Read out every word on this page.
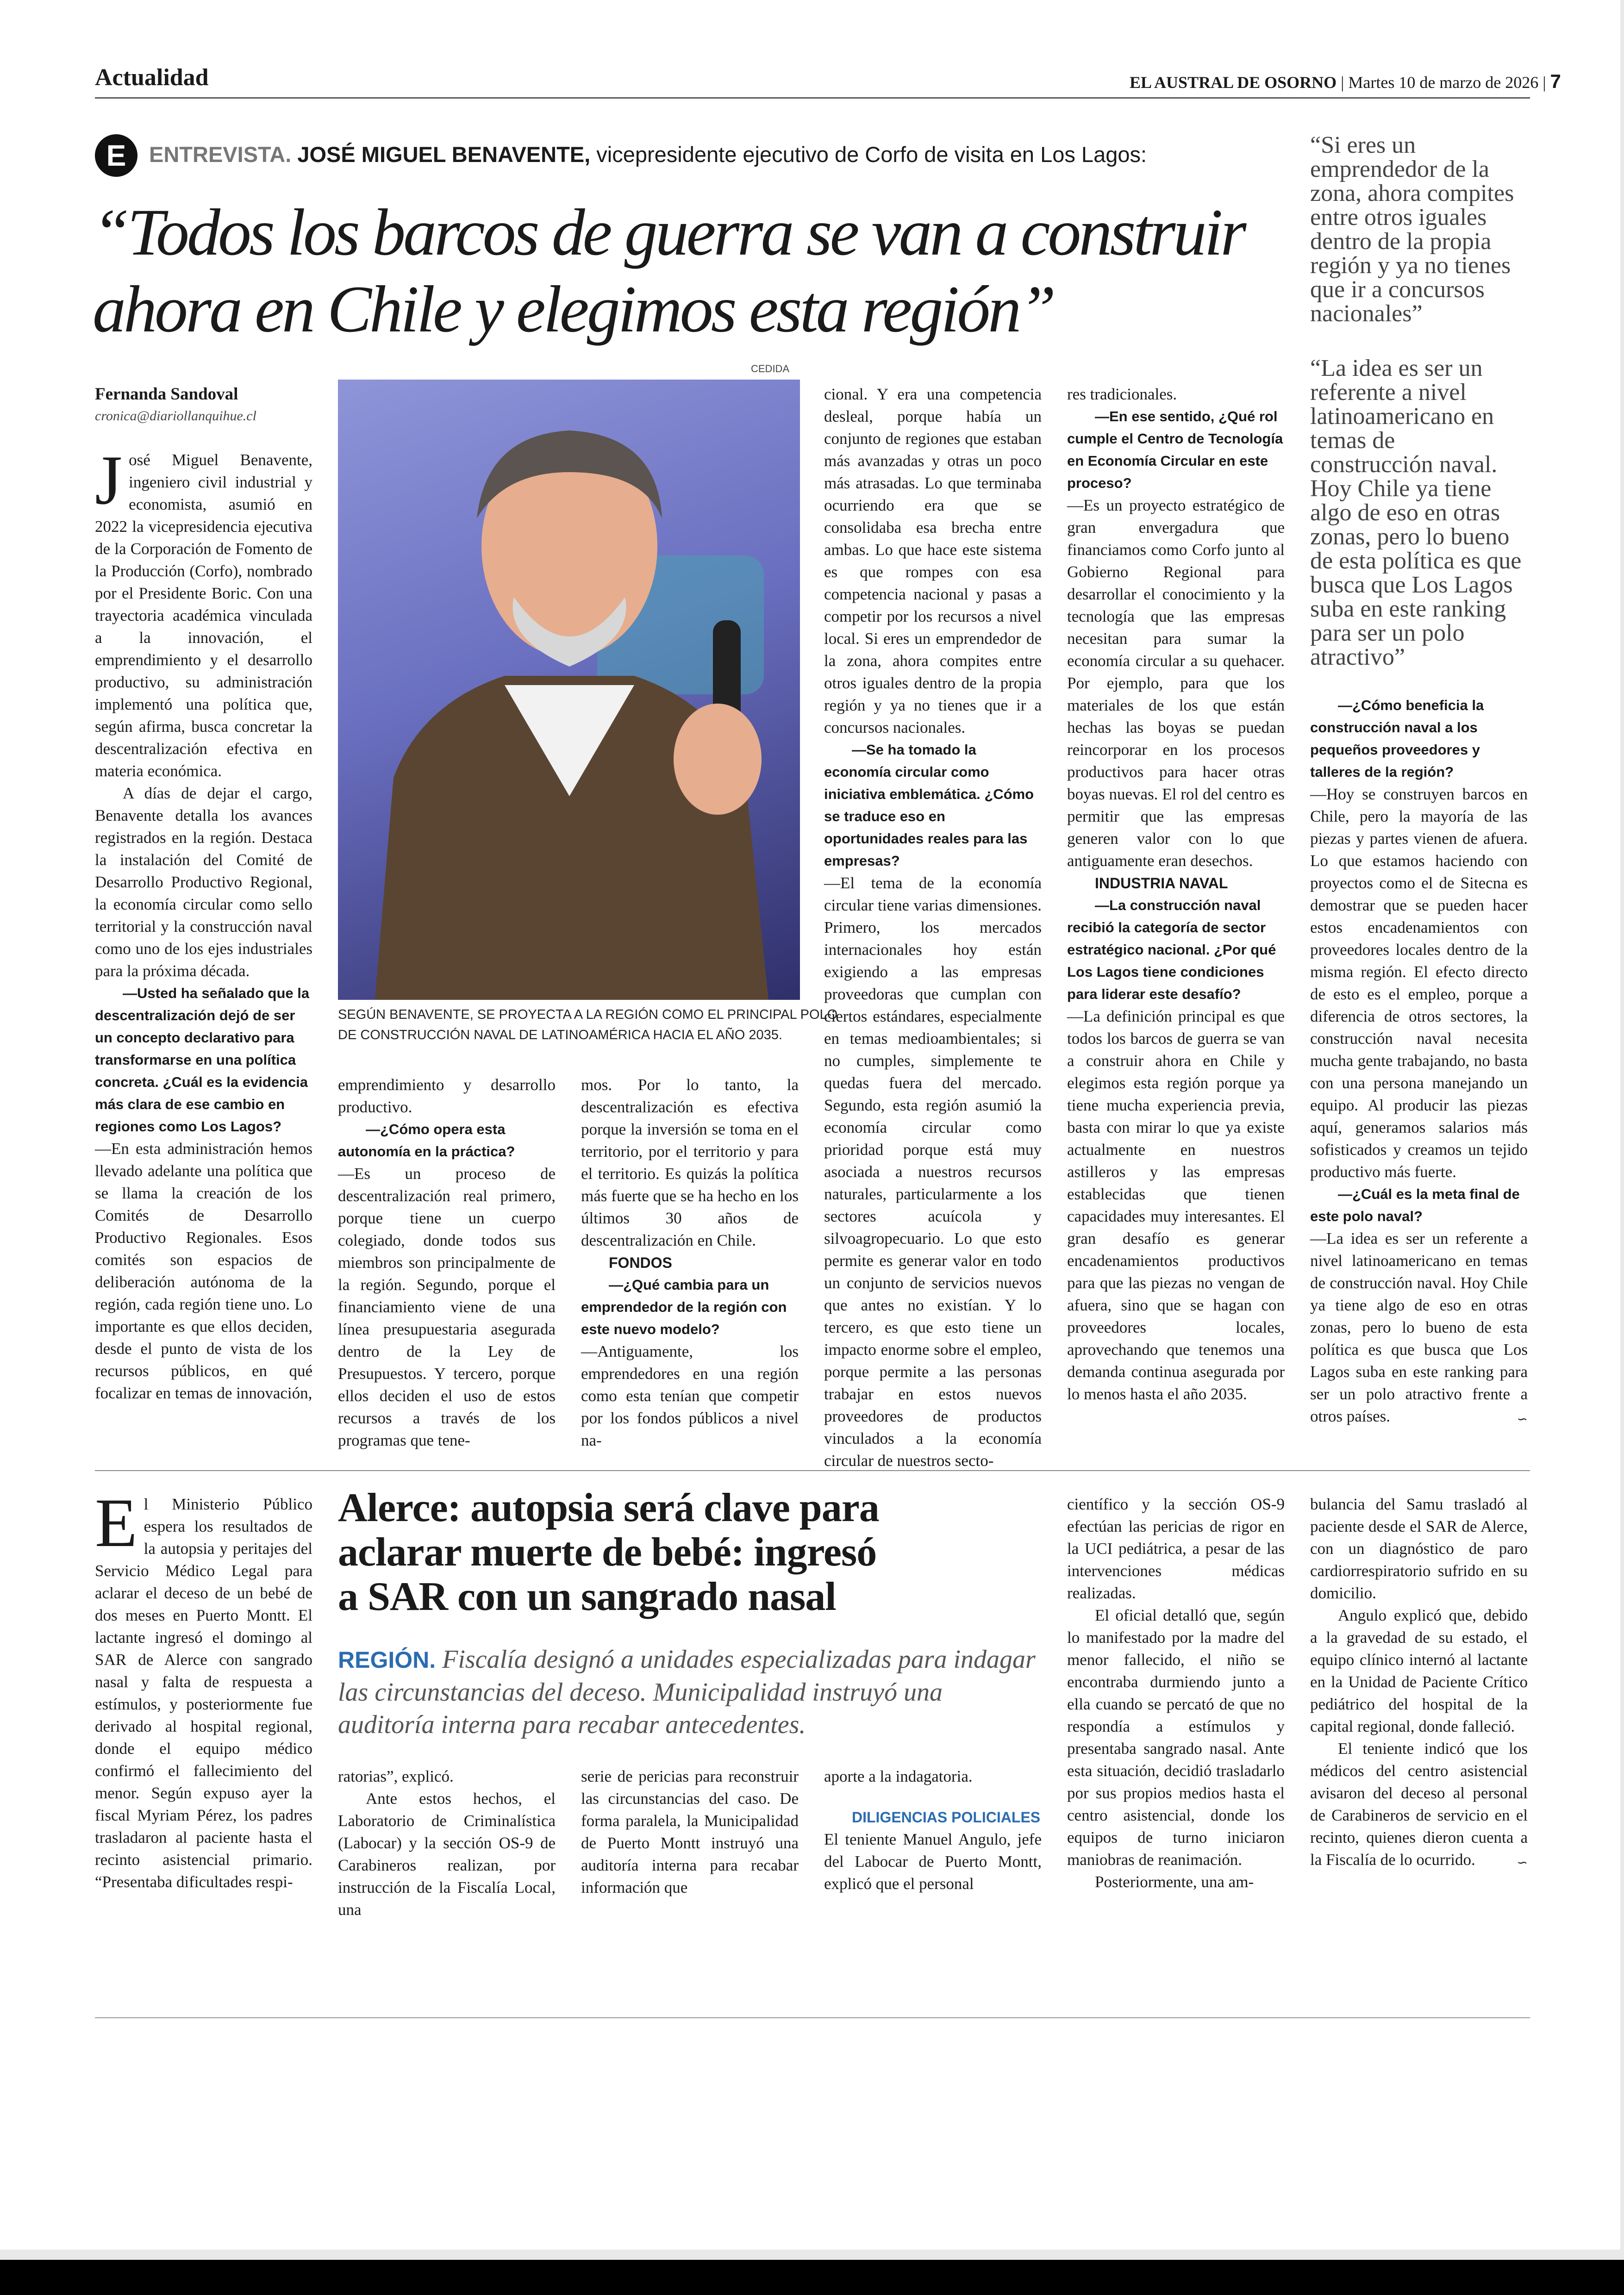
Actualidad	EL AUSTRAL DE OSORNO | Martes 10 de marzo de 2026 | 7
E	ENTREVISTA. JOSÉ MIGUEL BENAVENTE, vicepresidente ejecutivo de Corfo de visita en Los Lagos:
“Todos los barcos de guerra se van a construir
ahora en Chile y elegimos esta región”
“Si eres un emprendedor de la zona, ahora compites entre otros iguales dentro de la propia región y ya no tienes que ir a concursos nacionales”
“La idea es ser un referente a nivel latinoamericano en temas de construcción naval. Hoy Chile ya tiene algo de eso en otras zonas, pero lo bueno de esta política es que busca que Los Lagos suba en este ranking para ser un polo atractivo”
Fernanda Sandoval
cronica@diariollanquihue.cl
CEDIDA
SEGÚN BENAVENTE, SE PROYECTA A LA REGIÓN COMO EL PRINCIPAL POLO
DE CONSTRUCCIÓN NAVAL DE LATINOAMÉRICA HACIA EL AÑO 2035.

José Miguel Benavente, ingeniero civil industrial y economista, asumió en 2022 la vicepresidencia ejecutiva de la Corporación de Fomento de la Producción (Corfo), nombrado por el Presidente Boric. Con una trayectoria académica vinculada a la innovación, el emprendimiento y el desarrollo productivo, su administración implementó una política que, según afirma, busca concretar la descentralización efectiva en materia económica.

A días de dejar el cargo, Benavente detalla los avances registrados en la región. Destaca la instalación del Comité de Desarrollo Productivo Regional, la economía circular como sello territorial y la construcción naval como uno de los ejes industriales para la próxima década.

—Usted ha señalado que la descentralización dejó de ser un concepto declarativo para transformarse en una política concreta. ¿Cuál es la evidencia más clara de ese cambio en regiones como Los Lagos?

—En esta administración hemos llevado adelante una política que se llama la creación de los Comités de Desarrollo Productivo Regionales. Esos comités son espacios de deliberación autónoma de la región, cada región tiene uno. Lo importante es que ellos deciden, desde el punto de vista de los recursos públicos, en qué focalizar en temas de innovación,

emprendimiento y desarrollo productivo.

—¿Cómo opera esta autonomía en la práctica?

—Es un proceso de descentralización real primero, porque tiene un cuerpo colegiado, donde todos sus miembros son principalmente de la región. Segundo, porque el financiamiento viene de una línea presupuestaria asegurada dentro de la Ley de Presupuestos. Y tercero, porque ellos deciden el uso de estos recursos a través de los programas que tene-

mos. Por lo tanto, la descentralización es efectiva porque la inversión se toma en el territorio, por el territorio y para el territorio. Es quizás la política más fuerte que se ha hecho en los últimos 30 años de descentralización en Chile.

FONDOS

—¿Qué cambia para un emprendedor de la región con este nuevo modelo?

—Antiguamente, los emprendedores en una región como esta tenían que competir por los fondos públicos a nivel na-

cional. Y era una competencia desleal, porque había un conjunto de regiones que estaban más avanzadas y otras un poco más atrasadas. Lo que terminaba ocurriendo era que se consolidaba esa brecha entre ambas. Lo que hace este sistema es que rompes con esa competencia nacional y pasas a competir por los recursos a nivel local. Si eres un emprendedor de la zona, ahora compites entre otros iguales dentro de la propia región y ya no tienes que ir a concursos nacionales.

—Se ha tomado la economía circular como iniciativa emblemática. ¿Cómo se traduce eso en oportunidades reales para las empresas?

—El tema de la economía circular tiene varias dimensiones. Primero, los mercados internacionales hoy están exigiendo a las empresas proveedoras que cumplan con ciertos estándares, especialmente en temas medioambientales; si no cumples, simplemente te quedas fuera del mercado. Segundo, esta región asumió la economía circular como prioridad porque está muy asociada a nuestros recursos naturales, particularmente a los sectores acuícola y silvoagropecuario. Lo que esto permite es generar valor en todo un conjunto de servicios nuevos que antes no existían. Y lo tercero, es que esto tiene un impacto enorme sobre el empleo, porque permite a las personas trabajar en estos nuevos proveedores de productos vinculados a la economía circular de nuestros secto-

res tradicionales.

—En ese sentido, ¿Qué rol cumple el Centro de Tecnología en Economía Circular en este proceso?

—Es un proyecto estratégico de gran envergadura que financiamos como Corfo junto al Gobierno Regional para desarrollar el conocimiento y la tecnología que las empresas necesitan para sumar la economía circular a su quehacer. Por ejemplo, para que los materiales de los que están hechas las boyas se puedan reincorporar en los procesos productivos para hacer otras boyas nuevas. El rol del centro es permitir que las empresas generen valor con lo que antiguamente eran desechos.

INDUSTRIA NAVAL

—La construcción naval recibió la categoría de sector estratégico nacional. ¿Por qué Los Lagos tiene condiciones para liderar este desafío?

—La definición principal es que todos los barcos de guerra se van a construir ahora en Chile y elegimos esta región porque ya tiene mucha experiencia previa, basta con mirar lo que ya existe actualmente en nuestros astilleros y las empresas establecidas que tienen capacidades muy interesantes. El gran desafío es generar encadenamientos productivos para que las piezas no vengan de afuera, sino que se hagan con proveedores locales, aprovechando que tenemos una demanda continua asegurada por lo menos hasta el año 2035.

—¿Cómo beneficia la construcción naval a los pequeños proveedores y talleres de la región?

—Hoy se construyen barcos en Chile, pero la mayoría de las piezas y partes vienen de afuera. Lo que estamos haciendo con proyectos como el de Sitecna es demostrar que se pueden hacer estos encadenamientos con proveedores locales dentro de la misma región. El efecto directo de esto es el empleo, porque a diferencia de otros sectores, la construcción naval necesita mucha gente trabajando, no basta con una persona manejando un equipo. Al producir las piezas aquí, generamos salarios más sofisticados y creamos un tejido productivo más fuerte.

—¿Cuál es la meta final de este polo naval?

—La idea es ser un referente a nivel latinoamericano en temas de construcción naval. Hoy Chile ya tiene algo de eso en otras zonas, pero lo bueno de esta política es que busca que Los Lagos suba en este ranking para ser un polo atractivo frente a otros países.	∽

El Ministerio Público espera los resultados de la autopsia y peritajes del Servicio Médico Legal para aclarar el deceso de un bebé de dos meses en Puerto Montt. El lactante ingresó el domingo al SAR de Alerce con sangrado nasal y falta de respuesta a estímulos, y posteriormente fue derivado al hospital regional, donde el equipo médico confirmó el fallecimiento del menor. Según expuso ayer la fiscal Myriam Pérez, los padres trasladaron al paciente hasta el recinto asistencial primario. “Presentaba dificultades respi-

Alerce: autopsia será clave para
aclarar muerte de bebé: ingresó
a SAR con un sangrado nasal
REGIÓN. Fiscalía designó a unidades especializadas para indagar las circunstancias del deceso. Municipalidad instruyó una auditoría interna para recabar antecedentes.

ratorias”, explicó.

Ante estos hechos, el Laboratorio de Criminalística (Labocar) y la sección OS-9 de Carabineros realizan, por instrucción de la Fiscalía Local, una

serie de pericias para reconstruir las circunstancias del caso. De forma paralela, la Municipalidad de Puerto Montt instruyó una auditoría interna para recabar información que

aporte a la indagatoria.

DILIGENCIAS POLICIALES

El teniente Manuel Angulo, jefe del Labocar de Puerto Montt, explicó que el personal

científico y la sección OS-9 efectúan las pericias de rigor en la UCI pediátrica, a pesar de las intervenciones médicas realizadas.

El oficial detalló que, según lo manifestado por la madre del menor fallecido, el niño se encontraba durmiendo junto a ella cuando se percató de que no respondía a estímulos y presentaba sangrado nasal. Ante esta situación, decidió trasladarlo por sus propios medios hasta el centro asistencial, donde los equipos de turno iniciaron maniobras de reanimación.

Posteriormente, una am-

bulancia del Samu trasladó al paciente desde el SAR de Alerce, con un diagnóstico de paro cardiorrespiratorio sufrido en su domicilio.

Angulo explicó que, debido a la gravedad de su estado, el equipo clínico internó al lactante en la Unidad de Paciente Crítico pediátrico del hospital de la capital regional, donde falleció.

El teniente indicó que los médicos del centro asistencial avisaron del deceso al personal de Carabineros de servicio en el recinto, quienes dieron cuenta a la Fiscalía de lo ocurrido.	∽
